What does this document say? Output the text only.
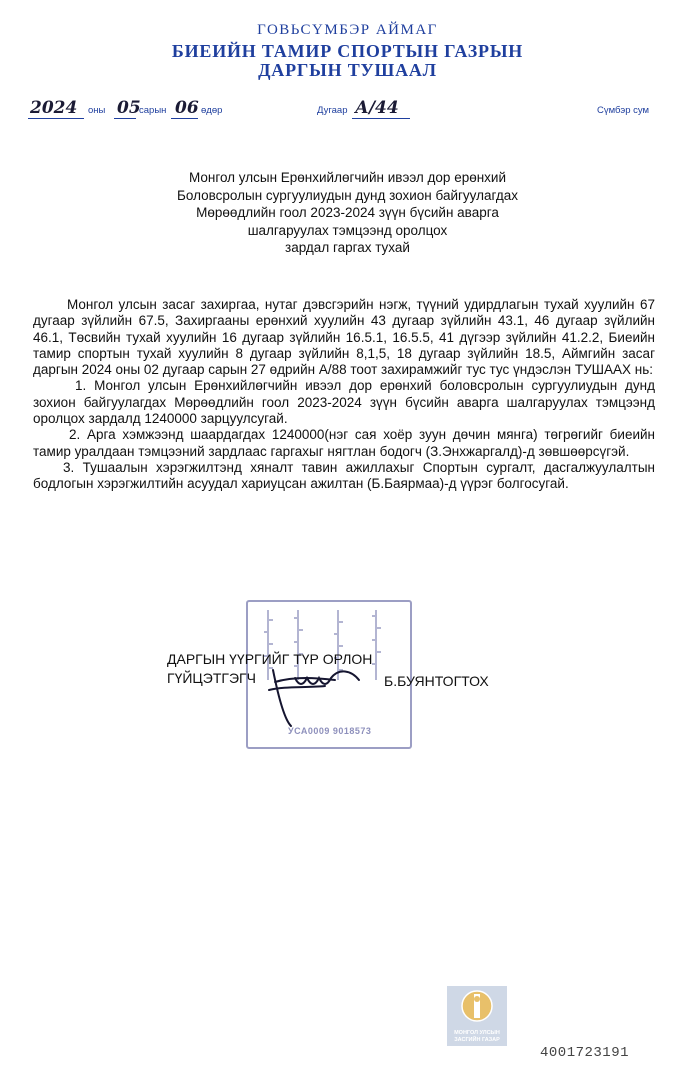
ГОВЬСҮМБЭР АЙМАГ
БИЕИЙН ТАМИР СПОРТЫН ГАЗРЫН
ДАРГЫН ТУШААЛ
2024 оны 05
сарын 06 өдөр	Дугаар А/44	Сүмбэр сум
Монгол улсын Ерөнхийлөгчийн ивээл дор ерөнхий
Боловсролын сургуулиудын дунд зохион байгуулагдах
Мөрөөдлийн гоол 2023-2024 зүүн бүсийн аварга
шалгаруулах тэмцээнд оролцох
зардал гаргах тухай

Монгол улсын засаг захиргаа, нутаг дэвсгэрийн нэгж, түүний удирдлагын тухай хуулийн 67 дугаар зүйлийн 67.5, Захиргааны ерөнхий хуулийн 43 дугаар зүйлийн 43.1, 46 дугаар зүйлийн 46.1, Төсвийн тухай хуулийн 16 дугаар зүйлийн 16.5.1, 16.5.5, 41 дүгээр зүйлийн 41.2.2, Биеийн тамир спортын тухай хуулийн 8 дугаар зүйлийн 8,1,5, 18 дугаар зүйлийн 18.5, Аймгийн засаг даргын 2024 оны 02 дугаар сарын 27 өдрийн А/88 тоот захирамжийг тус тус үндэслэн ТУШААХ нь:

1. Монгол улсын Ерөнхийлөгчийн ивээл дор ерөнхий боловсролын сургуулиудын дунд зохион байгуулагдах Мөрөөдлийн гоол 2023-2024 зүүн бүсийн аварга шалгаруулах тэмцээнд оролцох зардалд 1240000 зарцуулсугай.

2. Арга хэмжээнд шаардагдах 1240000(нэг сая хоёр зуун дөчин мянга) төгрөгийг биеийн тамир уралдаан тэмцээний зардлаас гаргахыг нягтлан бодогч (З.Энхжаргалд)-д зөвшөөрсүгэй.

3. Тушаалын хэрэгжилтэнд хяналт тавин ажиллахыг Спортын сургалт, дасгалжуулалтын бодлогын хэрэгжилтийн асуудал хариуцсан ажилтан (Б.Баярмаа)-д үүрэг болгосугай.

УСА0009 9018573
ДАРГЫН ҮҮРГИЙГ ТҮР ОРЛОН
ГҮЙЦЭТГЭГЧ	Б.БУЯНТОГТОХ
МОНГОЛ УЛСЫН
ЗАСГИЙН ГАЗАР
4001723191
